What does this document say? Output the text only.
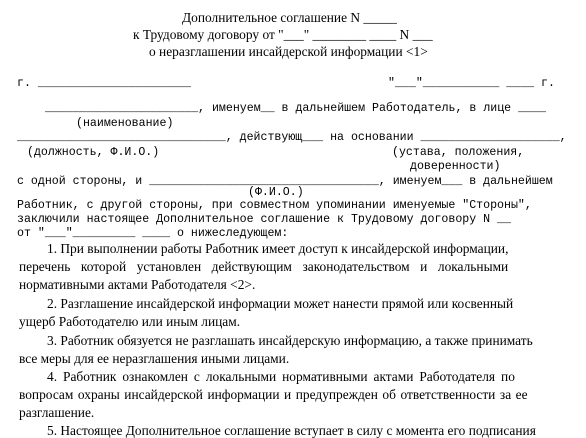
Дополнительное соглашение N _____
к Трудовому договору от "___" ________ ____ N ___
о неразглашении инсайдерской информации <1>
г. ______________________	"___"___________ ____ г.
______________________, именуем__ в дальнейшем Работодатель, в лице ____
(наименование)
______________________________, действующ___ на основании ____________________,
(должность, Ф.И.О.)	(устава, положения,
доверенности)
с одной стороны, и _________________________________, именуем___ в дальнейшем
(Ф.И.О.)
Работник, с другой стороны, при совместном упоминании именуемые "Стороны",
заключили настоящее Дополнительное соглашение к Трудовому договору N __
от "___"_________ ____ о нижеследующем:
1. При выполнении работы Работник имеет доступ к инсайдерской информации,
перечень которой установлен действующим законодательством и локальными
нормативными актами Работодателя <2>.
2. Разглашение инсайдерской информации может нанести прямой или косвенный
ущерб Работодателю или иным лицам.
3. Работник обязуется не разглашать инсайдерскую информацию, а также принимать
все меры для ее неразглашения иными лицами.
4. Работник ознакомлен с локальными нормативными актами Работодателя по
вопросам охраны инсайдерской информации и предупрежден об ответственности за ее
разглашение.
5. Настоящее Дополнительное соглашение вступает в силу с момента его подписания
